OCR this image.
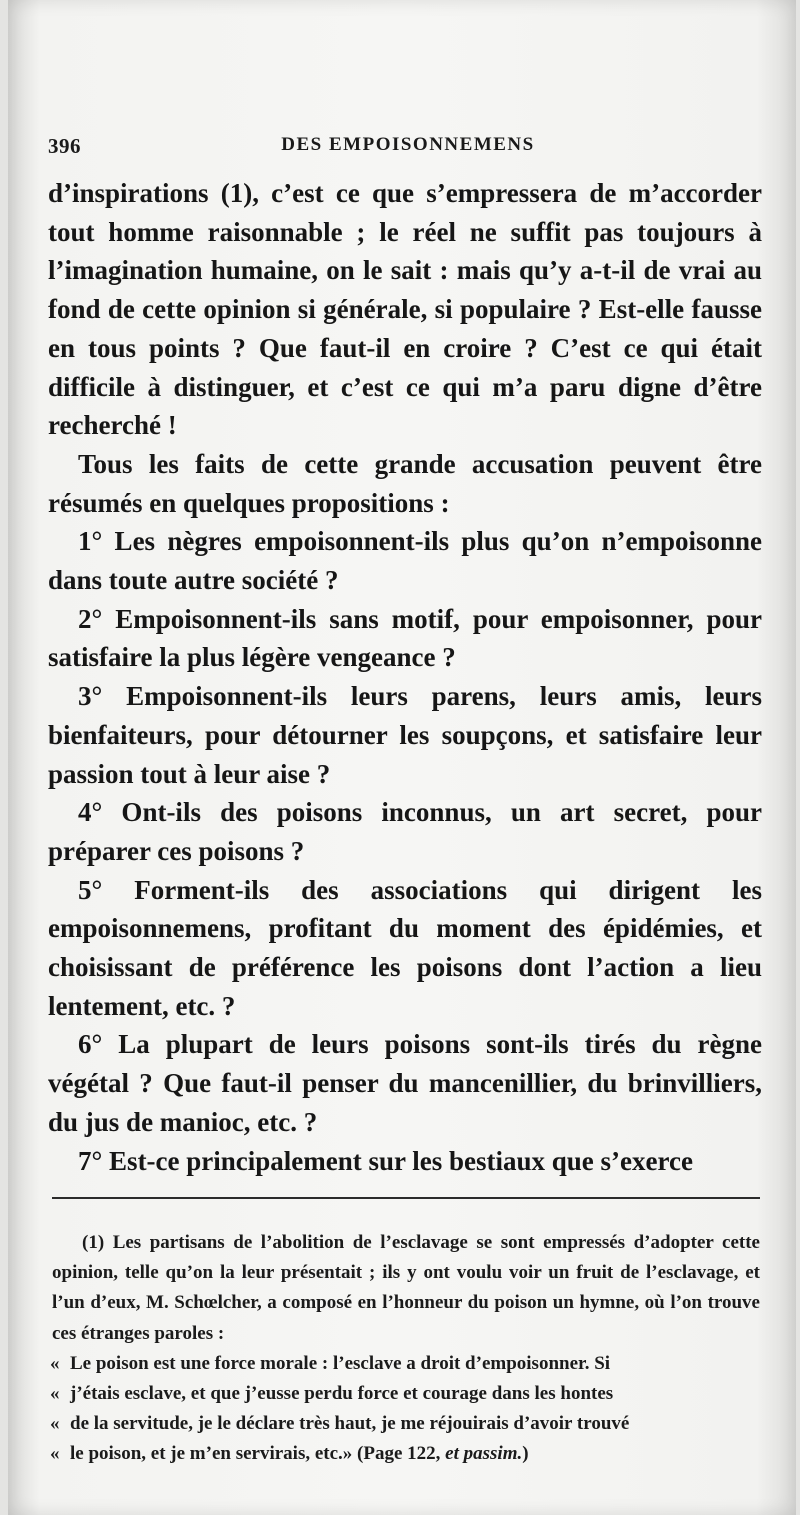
396	DES EMPOISONNEMENS

d’inspirations (1), c’est ce que s’empressera de m’accorder tout homme raisonnable ; le réel ne suffit pas toujours à l’imagination humaine, on le sait : mais qu’y a-t-il de vrai au fond de cette opinion si générale, si populaire ? Est-elle fausse en tous points ? Que faut-il en croire ? C’est ce qui était difficile à distinguer, et c’est ce qui m’a paru digne d’être recherché !

Tous les faits de cette grande accusation peuvent être résumés en quelques propositions :

1° Les nègres empoisonnent-ils plus qu’on n’empoisonne dans toute autre société ?

2° Empoisonnent-ils sans motif, pour empoisonner, pour satisfaire la plus légère vengeance ?

3° Empoisonnent-ils leurs parens, leurs amis, leurs bienfaiteurs, pour détourner les soupçons, et satisfaire leur passion tout à leur aise ?

4° Ont-ils des poisons inconnus, un art secret, pour préparer ces poisons ?

5° Forment-ils des associations qui dirigent les empoisonnemens, profitant du moment des épidémies, et choisissant de préférence les poisons dont l’action a lieu lentement, etc. ?

6° La plupart de leurs poisons sont-ils tirés du règne végétal ? Que faut-il penser du mancenillier, du brinvilliers, du jus de manioc, etc. ?

7° Est-ce principalement sur les bestiaux que s’exerce

(1) Les partisans de l’abolition de l’esclavage se sont empressés d’adopter cette opinion, telle qu’on la leur présentait ; ils y ont voulu voir un fruit de l’esclavage, et l’un d’eux, M. Schœlcher, a composé en l’honneur du poison un hymne, où l’on trouve ces étranges paroles :

« Le poison est une force morale : l’esclave a droit d’empoisonner. Si

« j’étais esclave, et que j’eusse perdu force et courage dans les hontes

« de la servitude, je le déclare très haut, je me réjouirais d’avoir trouvé

« le poison, et je m’en servirais, etc.» (Page 122, et passim.)
